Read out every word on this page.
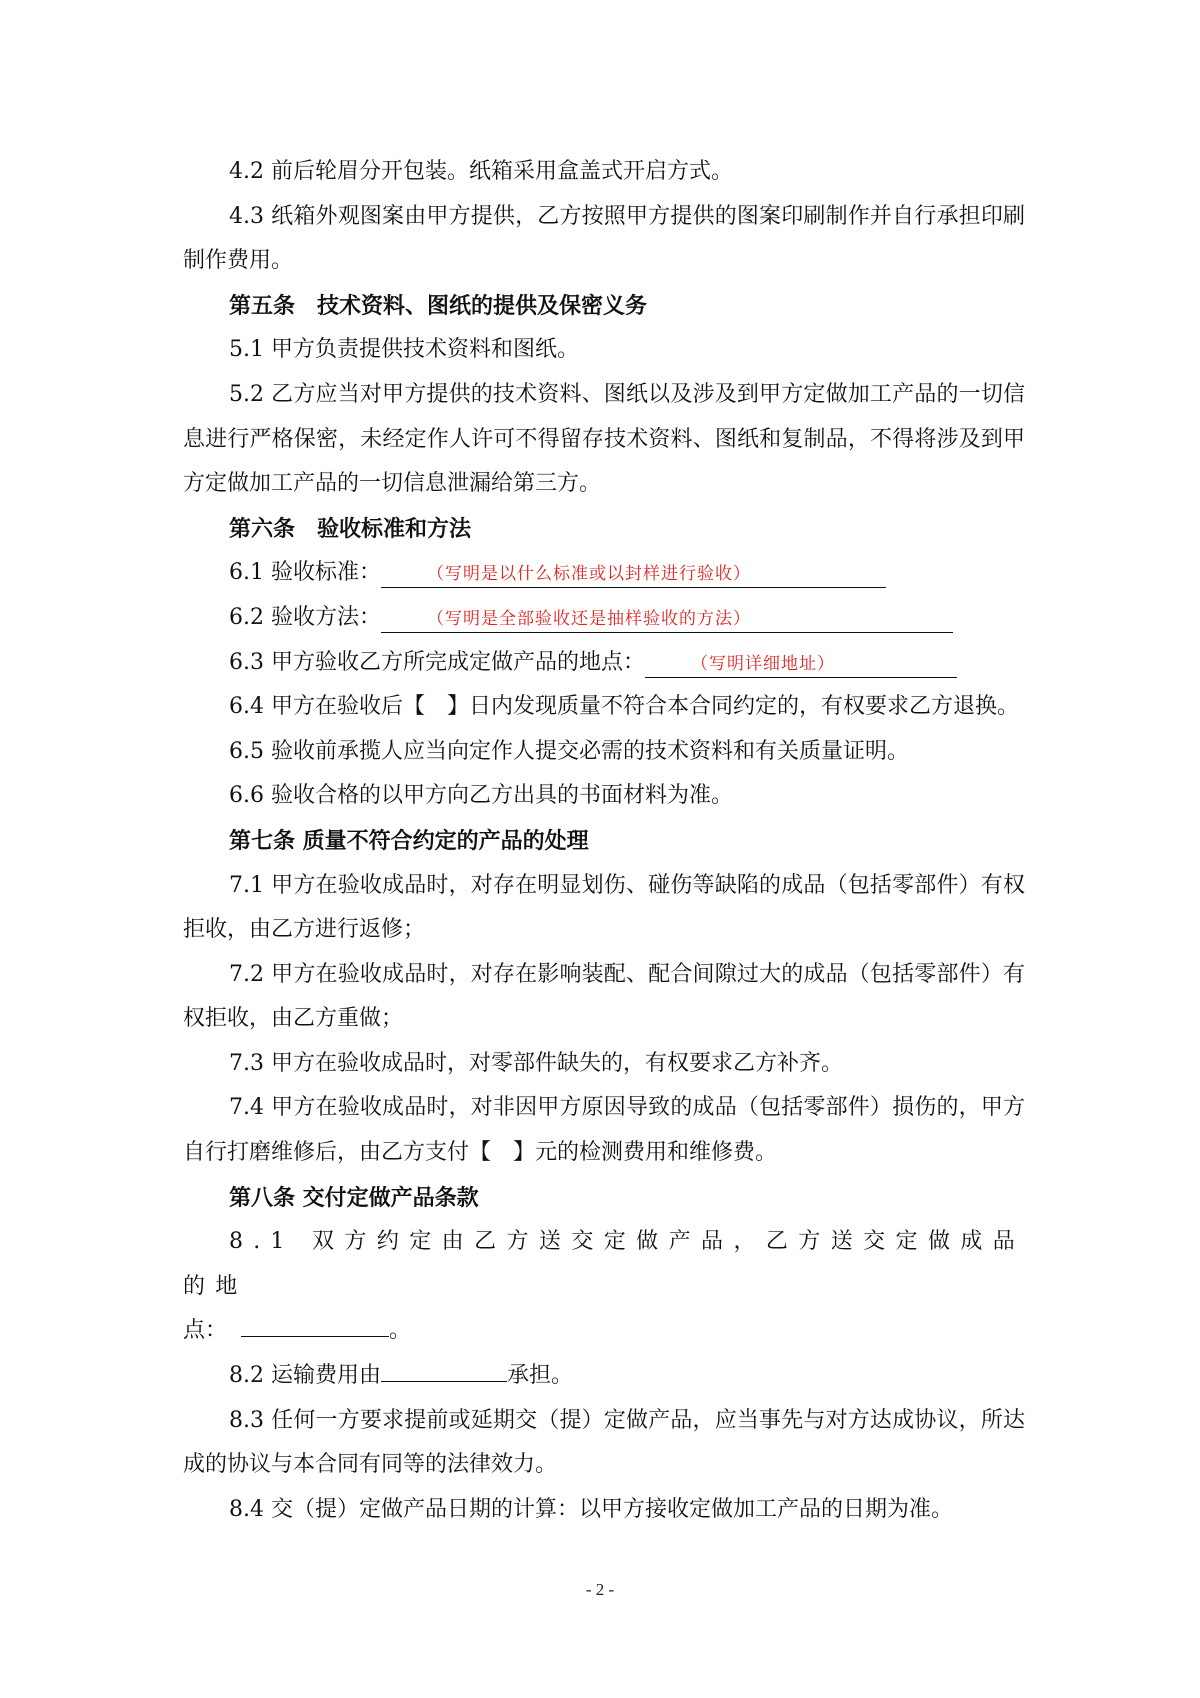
4.2 前后轮眉分开包装。纸箱采用盒盖式开启方式。

4.3 纸箱外观图案由甲方提供，乙方按照甲方提供的图案印刷制作并自行承担印刷制作费用。

第五条　技术资料、图纸的提供及保密义务

5.1 甲方负责提供技术资料和图纸。

5.2 乙方应当对甲方提供的技术资料、图纸以及涉及到甲方定做加工产品的一切信息进行严格保密，未经定作人许可不得留存技术资料、图纸和复制品，不得将涉及到甲方定做加工产品的一切信息泄漏给第三方。

第六条　验收标准和方法

6.1 验收标准：	（写明是以什么标准或以封样进行验收）

6.2 验收方法：	（写明是全部验收还是抽样验收的方法）

6.3 甲方验收乙方所完成定做产品的地点：	（写明详细地址）

6.4 甲方在验收后【　】日内发现质量不符合本合同约定的，有权要求乙方退换。

6.5 验收前承揽人应当向定作人提交必需的技术资料和有关质量证明。

6.6 验收合格的以甲方向乙方出具的书面材料为准。

第七条 质量不符合约定的产品的处理

7.1 甲方在验收成品时，对存在明显划伤、碰伤等缺陷的成品（包括零部件）有权拒收，由乙方进行返修；

7.2 甲方在验收成品时，对存在影响装配、配合间隙过大的成品（包括零部件）有权拒收，由乙方重做；

7.3 甲方在验收成品时，对零部件缺失的，有权要求乙方补齐。

7.4 甲方在验收成品时，对非因甲方原因导致的成品（包括零部件）损伤的，甲方自行打磨维修后，由乙方支付【　】元的检测费用和维修费。

第八条 交付定做产品条款

8.1 双方约定由乙方送交定做产品，乙方送交定做成品的地

点：	。

8.2 运输费用由	承担。

8.3 任何一方要求提前或延期交（提）定做产品，应当事先与对方达成协议，所达成的协议与本合同有同等的法律效力。

8.4 交（提）定做产品日期的计算：以甲方接收定做加工产品的日期为准。

- 2 -
